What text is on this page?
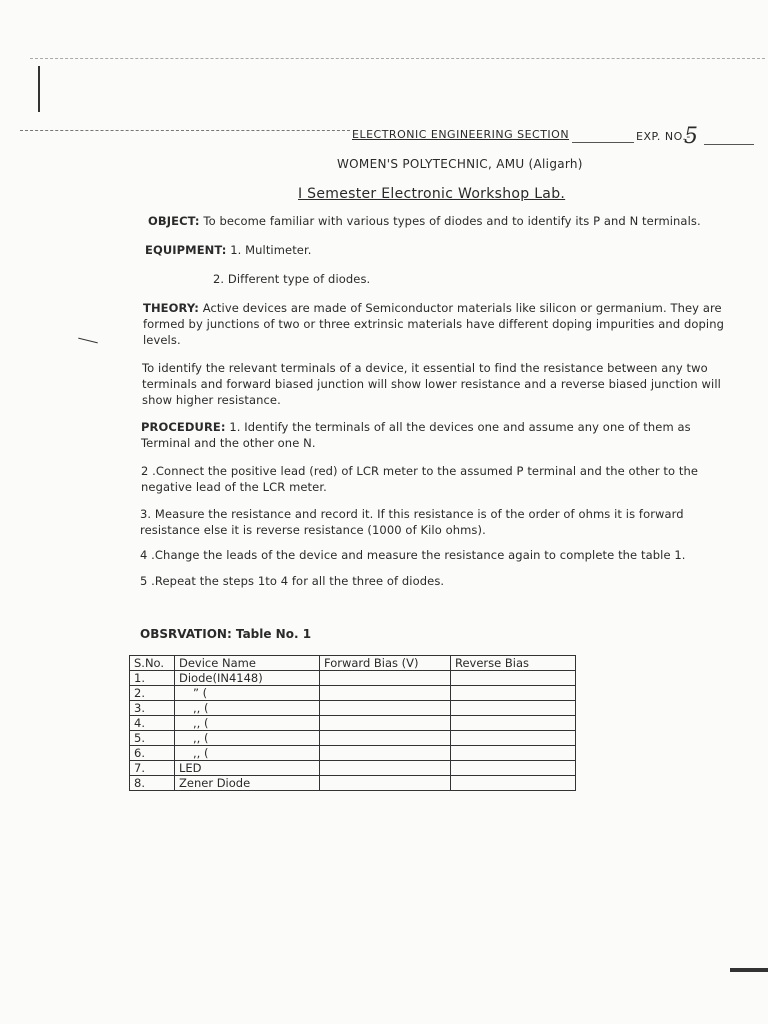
ELECTRONIC ENGINEERING SECTION	EXP. NO.-
5
WOMEN'S POLYTECHNIC, AMU (Aligarh)
I Semester Electronic Workshop Lab.
OBJECT: To become familiar with various types of diodes and to identify its P and N terminals.
EQUIPMENT: 1. Multimeter.
2. Different type of diodes.
THEORY: Active devices are made of Semiconductor materials like silicon or germanium. They are
formed by junctions of two or three extrinsic materials have different doping impurities and doping
levels.
To identify the relevant terminals of a device, it essential to find the resistance between any two
terminals and forward biased junction will show lower resistance and a reverse biased junction will
show higher resistance.
PROCEDURE: 1. Identify the terminals of all the devices one and assume any one of them as
Terminal and the other one N.
2 .Connect the positive lead (red) of LCR meter to the assumed P terminal and the other to the
negative lead of the LCR meter.
3. Measure the resistance and record it. If this resistance is of the order of ohms it is forward
resistance else it is reverse resistance (1000 of Kilo ohms).
4 .Change the leads of the device and measure the resistance again to complete the table 1.
5 .Repeat the steps 1to 4 for all the three of diodes.
OBSRVATION: Table No. 1
S.No.	Device Name	Forward Bias (V)	Reverse Bias
1.	Diode(IN4148)		
2.	” (		
3.	,, (		
4.	,, (		
5.	,, (		
6.	,, (		
7.	LED		
8.	Zener Diode		
